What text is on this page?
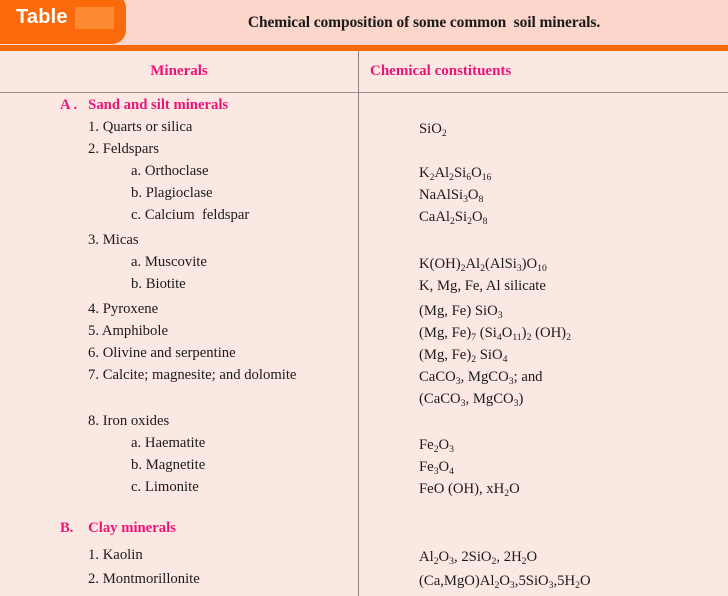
Chemical composition of some common  soil minerals.
Table
Minerals	Chemical constituents
A .   Sand and silt minerals
1. Quarts or silica
2. Feldspars
a. Orthoclase
b. Plagioclase
c. Calcium  feldspar
3. Micas
a. Muscovite
b. Biotite
4. Pyroxene
5. Amphibole
6. Olivine and serpentine
7. Calcite; magnesite; and dolomite
8. Iron oxides
a. Haematite
b. Magnetite
c. Limonite
B.    Clay minerals
1. Kaolin
2. Montmorillonite
SiO$_2$
$K_2Al_2Si_6O_{16}$
$NaAlSi_3O_8$
$CaAl_2Si_2O_8$
$K(OH)_2Al_2(AlSi_3)O_{10}$
K, Mg, Fe, Al silicate
(Mg, Fe) SiO$_3$
(Mg, $Fe)_7$ $(Si_4O_{11})_2$ $(OH)_2$
(Mg, $Fe)_2$ SiO$_4$
CaCO$_3$, MgCO$_3$; and
(CaCO$_3$, MgCO$_3$)
$Fe_2O_3$
$Fe_3O_4$
FeO (OH), $xH_2O$
$Al_2O_3$, 2SiO$_2$, $2H_2O$
$(Ca,MgO)Al_2O_3,5SiO_3,5H_2O$
